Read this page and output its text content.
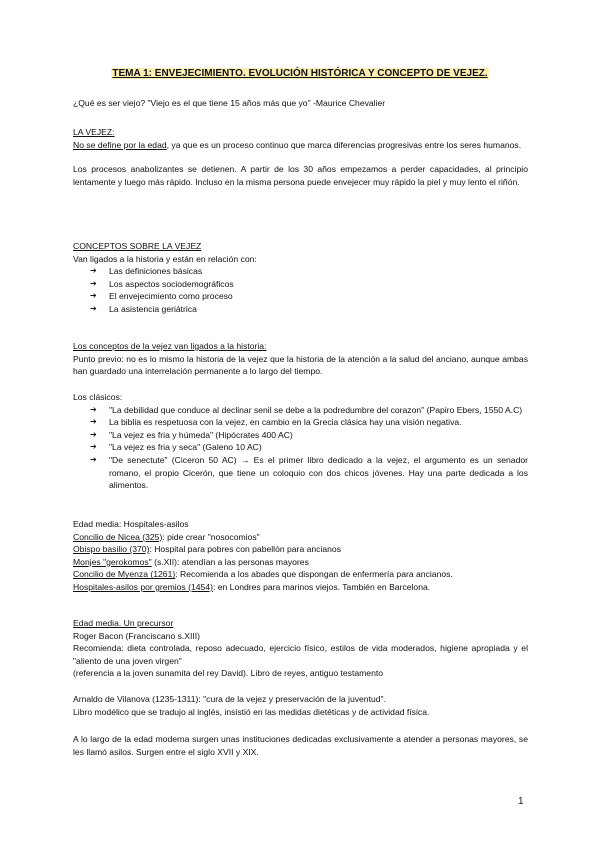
TEMA 1: ENVEJECIMIENTO. EVOLUCIÓN HISTÓRICA Y CONCEPTO DE VEJEZ.
¿Qué es ser viejo? "Viejo es el que tiene 15 años más que yo" -Maurice Chevalier
LA VEJEZ:
No se define por la edad, ya que es un proceso continuo que marca diferencias progresivas entre los seres humanos.
Los procesos anabolizantes se detienen. A partir de los 30 años empezamos a perder capacidades, al principio lentamente y luego más rápido. Incluso en la misma persona puede envejecer muy rápido la piel y muy lento el riñón.
CONCEPTOS SOBRE LA VEJEZ
Van ligados a la historia y están en relación con:
➔ Las definiciones básicas
➔ Los aspectos sociodemográficos
➔ El envejecimiento como proceso
➔ La asistencia geriátrica
Los conceptos de la vejez van ligados a la historia:
Punto previo: no es lo mismo la historia de la vejez que la historia de la atención a la salud del anciano, aunque ambas han guardado una interrelación permanente a lo largo del tiempo.
Los clásicos:
➔ "La debilidad que conduce al declinar senil se debe a la podredumbre del corazon" (Papiro Ebers, 1550 A.C)
➔ La biblia es respetuosa con la vejez, en cambio en la Grecia clásica hay una visión negativa.
➔ "La vejez es fria y húmeda" (Hipócrates 400 AC)
➔ "La vejez es fria y seca" (Galeno 10 AC)
➔ "De senectute" (Ciceron 50 AC) → Es el primer libro dedicado a la vejez, el argumento es un senador romano, el propio Cicerón, que tiene un coloquio con dos chicos jóvenes. Hay una parte dedicada a los alimentos.
Edad media: Hospitales-asilos
Concilio de Nicea (325): pide crear "nosocomios"
Obispo basilio (370): Hospital para pobres con pabellón para ancianos
Monjes "gerokomos" (s.XII): atendían a las personas mayores
Concilio de Myenza (1261): Recomienda a los abades que dispongan de enfermería para ancianos.
Hospitales-asilos por gremios (1454): en Londres para marinos viejos. También en Barcelona.
Edad media. Un precursor
Roger Bacon (Franciscano s.XIII)
Recomienda: dieta controlada, reposo adecuado, ejercicio físico, estilos de vida moderados, higiene apropiada y el "aliento de una joven virgen"
(referencia a la joven sunamita del rey David). Libro de reyes, antiguo testamento
Arnaldo de Vilanova (1235-1311): "cura de la vejez y preservación de la juventud".
Libro modélico que se tradujo al inglés, insistió en las medidas dietéticas y de actividad física.
A lo largo de la edad moderna surgen unas instituciones dedicadas exclusivamente a atender a personas mayores, se les llamó asilos. Surgen entre el siglo XVII y XIX.
1
